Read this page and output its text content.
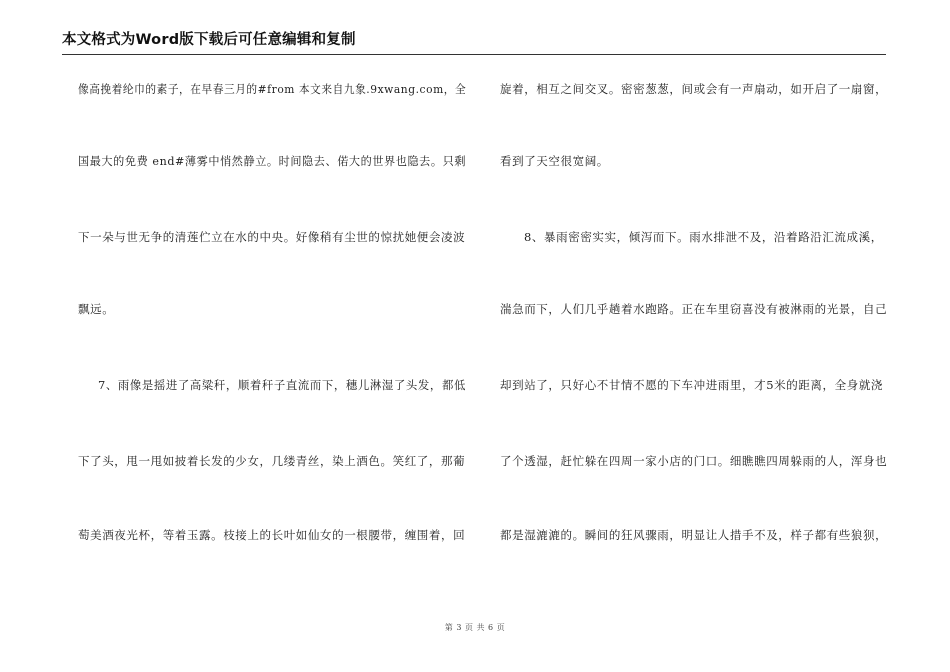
本文格式为Word版下载后可任意编辑和复制
像高挽着纶巾的素子，在早春三月的#from 本文来自九象.9xwang.com，全
国最大的免费 end#薄雾中悄然静立。时间隐去、偌大的世界也隐去。只剩
下一朵与世无争的清莲伫立在水的中央。好像稍有尘世的惊扰她便会凌波
飘远。
7、雨像是摇进了高粱秆，顺着秆子直流而下，穗儿淋湿了头发，都低
下了头，甩一甩如披着长发的少女，几缕青丝，染上酒色。笑红了，那葡
萄美酒夜光杯，等着玉露。枝接上的长叶如仙女的一根腰带，缠围着，回
旋着，相互之间交叉。密密葱葱，间或会有一声扇动，如开启了一扇窗，
看到了天空很宽阔。
8、暴雨密密实实，倾泻而下。雨水排泄不及，沿着路沿汇流成溪，
湍急而下，人们几乎趟着水跑路。正在车里窃喜没有被淋雨的光景，自己
却到站了，只好心不甘情不愿的下车冲进雨里，才5米的距离，全身就浇
了个透湿，赶忙躲在四周一家小店的门口。细瞧瞧四周躲雨的人，浑身也
都是湿漉漉的。瞬间的狂风骤雨，明显让人措手不及，样子都有些狼狈，
第 3 页 共 6 页
